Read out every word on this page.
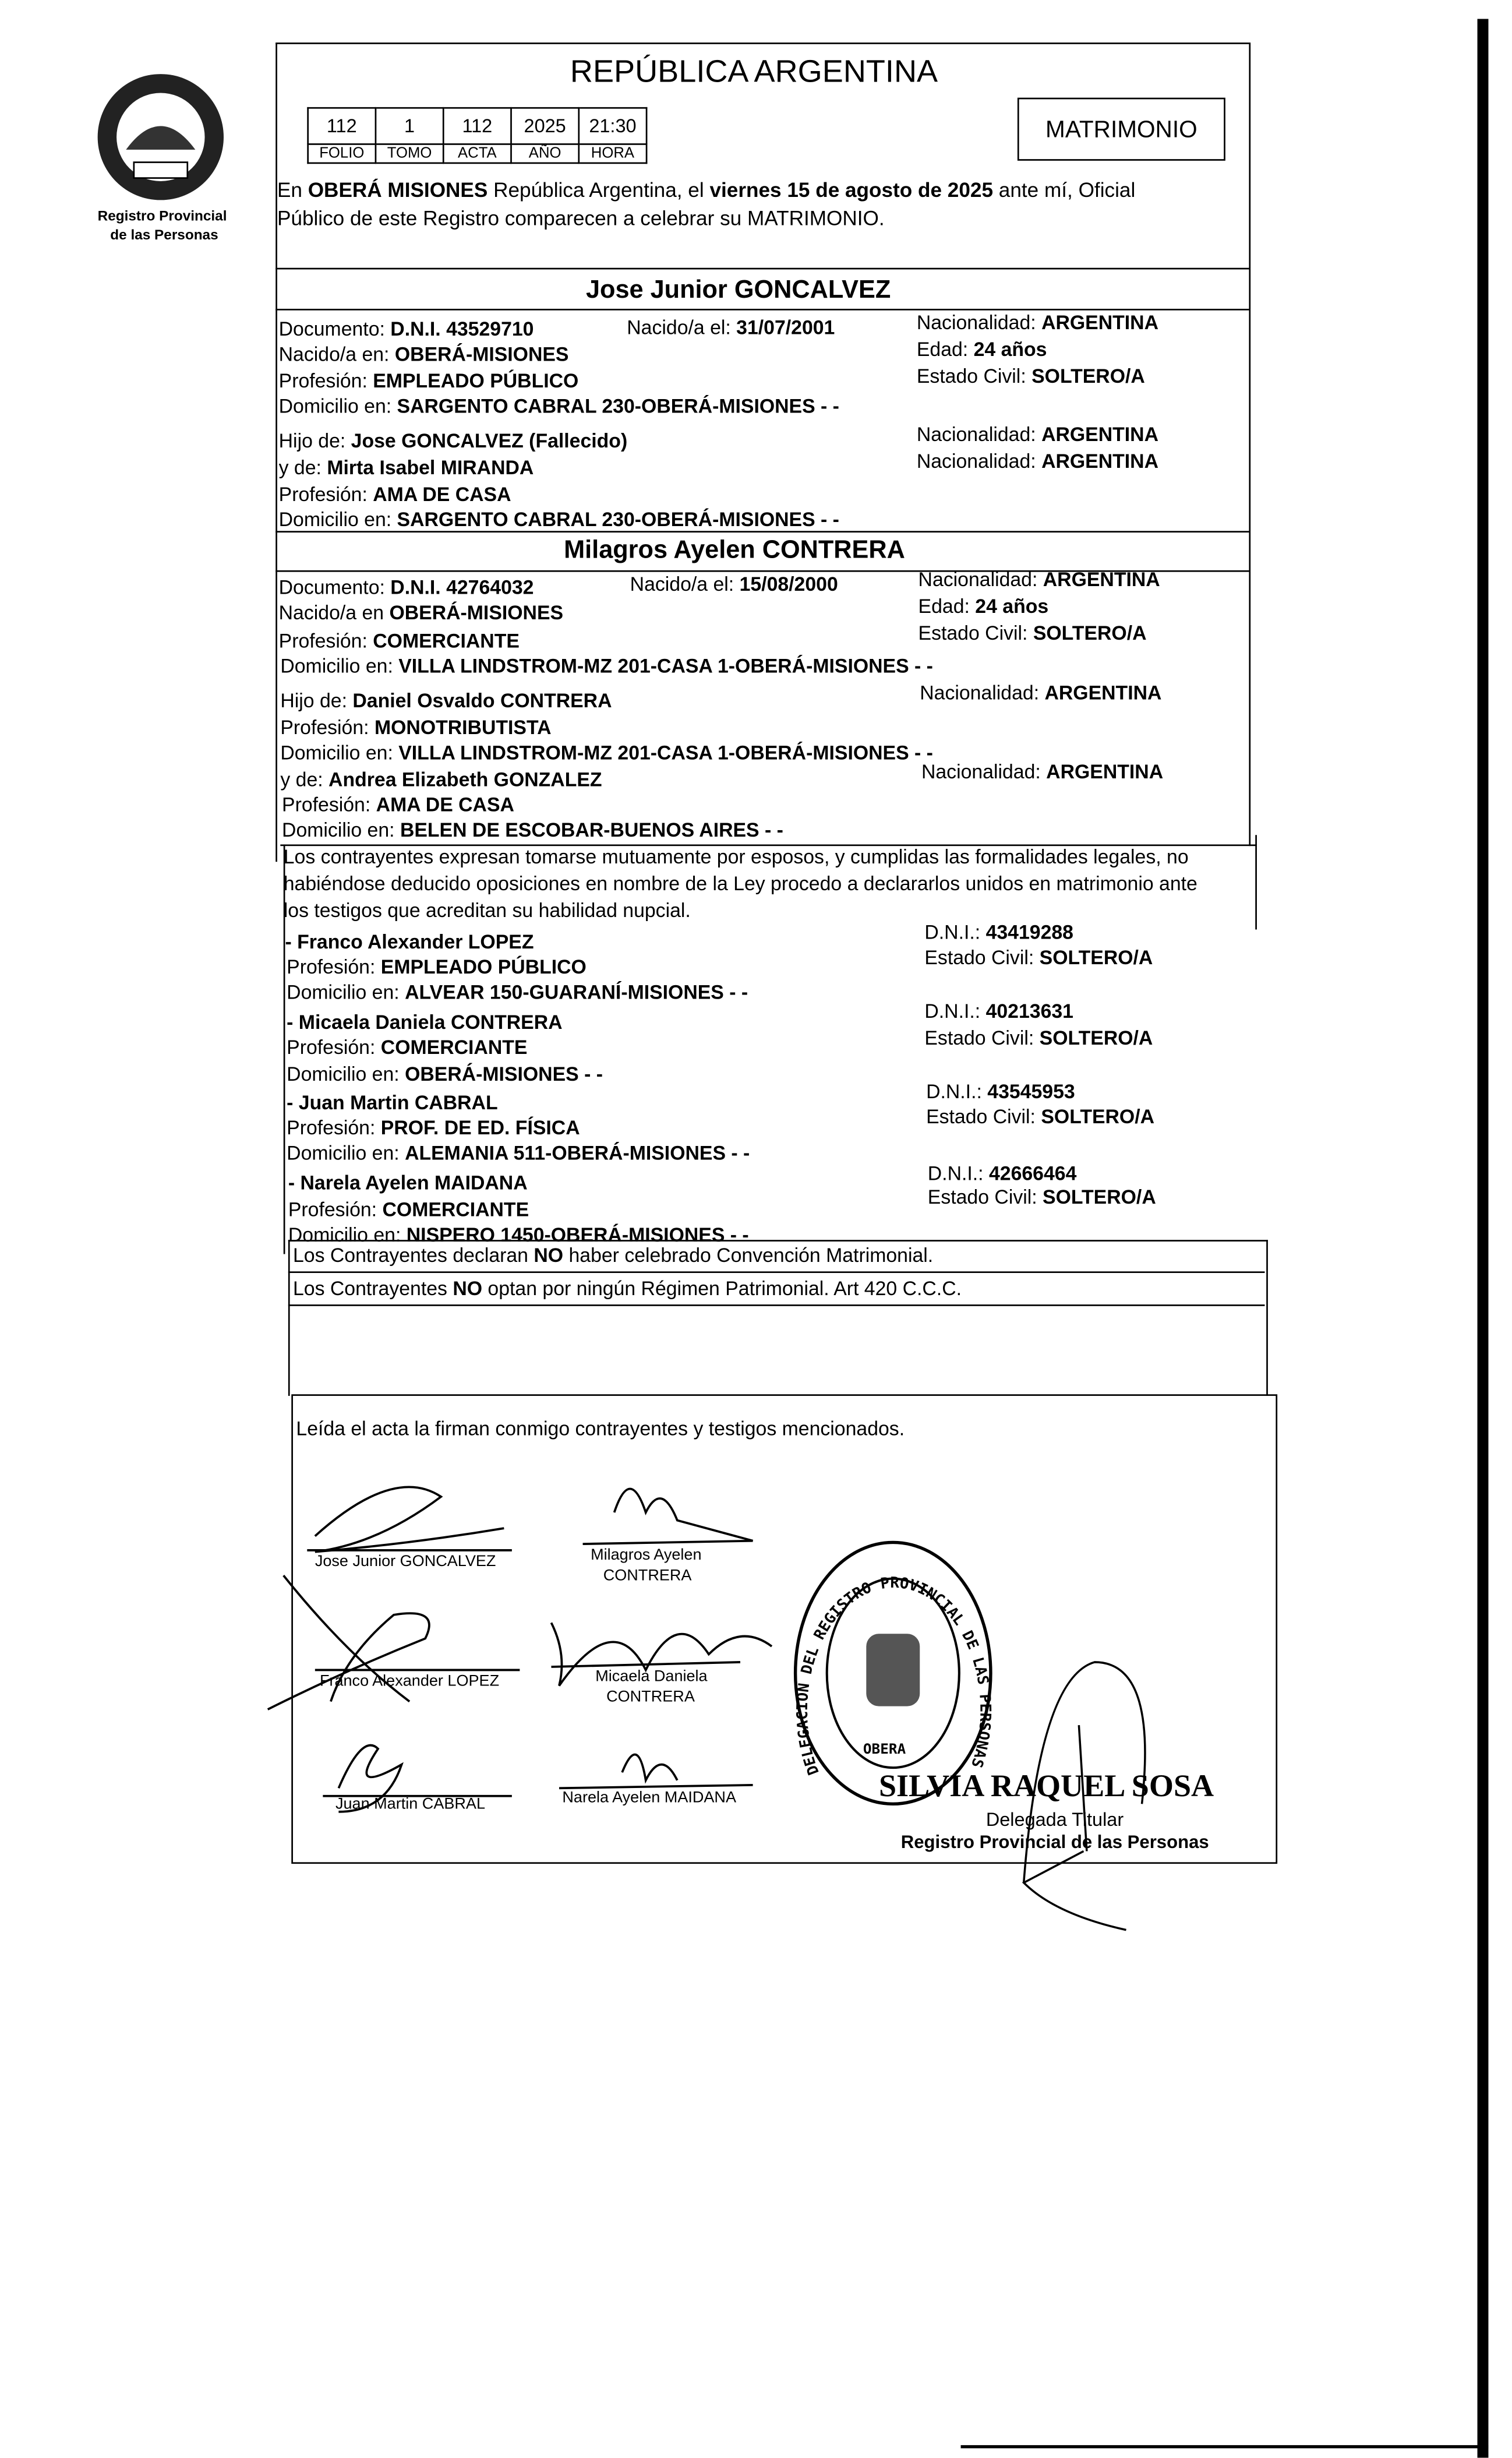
Registro Provincial
de las Personas
REPÚBLICA ARGENTINA
112	1	112	2025	21:30
FOLIO	TOMO	ACTA	AÑO	HORA
MATRIMONIO
En OBERÁ MISIONES República Argentina, el viernes 15 de agosto de 2025 ante mí, Oficial
Público de este Registro comparecen a celebrar su MATRIMONIO.
Jose Junior GONCALVEZ
Documento: D.N.I. 43529710	Nacido/a el: 31/07/2001	Nacionalidad: ARGENTINA
Nacido/a en: OBERÁ-MISIONES	Edad: 24 años
Profesión: EMPLEADO PÚBLICO	Estado Civil: SOLTERO/A
Domicilio en: SARGENTO CABRAL 230-OBERÁ-MISIONES - -
Hijo de: Jose GONCALVEZ (Fallecido)	Nacionalidad: ARGENTINA
y de: Mirta Isabel MIRANDA	Nacionalidad: ARGENTINA
Profesión: AMA DE CASA
Domicilio en: SARGENTO CABRAL 230-OBERÁ-MISIONES - -
Milagros Ayelen CONTRERA
Documento: D.N.I. 42764032	Nacido/a el: 15/08/2000	Nacionalidad: ARGENTINA
Nacido/a en OBERÁ-MISIONES	Edad: 24 años
Profesión: COMERCIANTE	Estado Civil: SOLTERO/A
Domicilio en: VILLA LINDSTROM-MZ 201-CASA 1-OBERÁ-MISIONES - -
Hijo de: Daniel Osvaldo CONTRERA	Nacionalidad: ARGENTINA
Profesión: MONOTRIBUTISTA
Domicilio en: VILLA LINDSTROM-MZ 201-CASA 1-OBERÁ-MISIONES - -
y de: Andrea Elizabeth GONZALEZ	Nacionalidad: ARGENTINA
Profesión: AMA DE CASA
Domicilio en: BELEN DE ESCOBAR-BUENOS AIRES - -
Los contrayentes expresan tomarse mutuamente por esposos, y cumplidas las formalidades legales, no
habiéndose deducido oposiciones en nombre de la Ley procedo a declararlos unidos en matrimonio ante
los testigos que acreditan su habilidad nupcial.
- Franco Alexander LOPEZ
Profesión: EMPLEADO PÚBLICO
Domicilio en: ALVEAR 150-GUARANÍ-MISIONES - -
D.N.I.: 43419288
Estado Civil: SOLTERO/A
- Micaela Daniela CONTRERA
Profesión: COMERCIANTE
Domicilio en: OBERÁ-MISIONES - -
D.N.I.: 40213631
Estado Civil: SOLTERO/A
- Juan Martin CABRAL
Profesión: PROF. DE ED. FÍSICA
Domicilio en: ALEMANIA 511-OBERÁ-MISIONES - -
D.N.I.: 43545953
Estado Civil: SOLTERO/A
- Narela Ayelen MAIDANA
Profesión: COMERCIANTE
Domicilio en: NISPERO 1450-OBERÁ-MISIONES - -
D.N.I.: 42666464
Estado Civil: SOLTERO/A
Los Contrayentes declaran NO haber celebrado Convención Matrimonial.
Los Contrayentes NO optan por ningún Régimen Patrimonial. Art 420 C.C.C.
Leída el acta la firman conmigo contrayentes y testigos mencionados.
Jose Junior GONCALVEZ	Milagros Ayelen
CONTRERA
Franco Alexander LOPEZ	Micaela Daniela
CONTRERA
Juan Martin CABRAL	Narela Ayelen MAIDANA
DELEGACION DEL REGISTRO PROVINCIAL DE LAS PERSONAS
OBERA
SILVIA RAQUEL SOSA
Delegada Titular
Registro Provincial de las Personas
